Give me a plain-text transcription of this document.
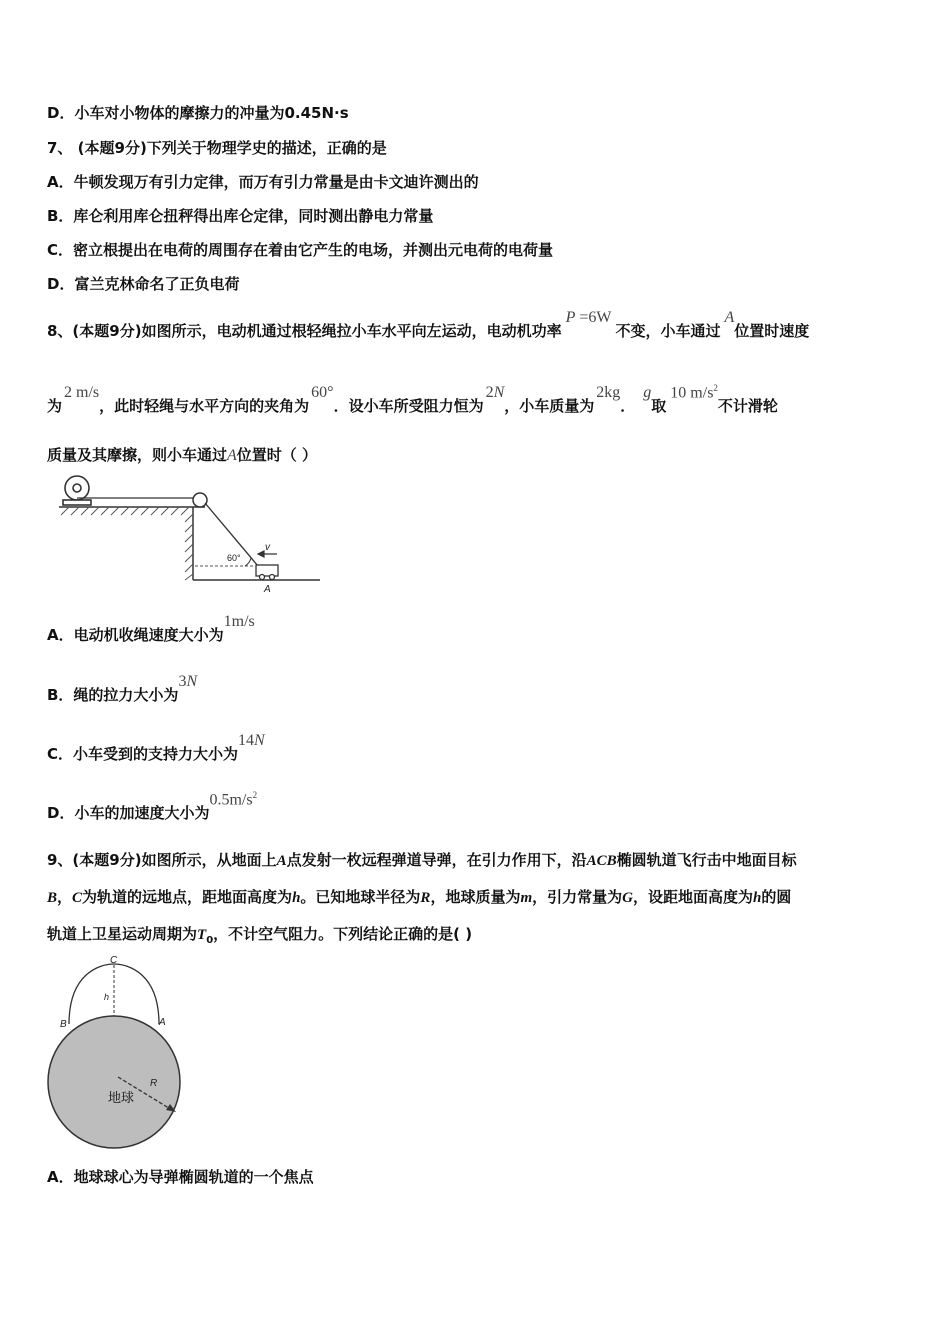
D．小车对小物体的摩擦力的冲量为0.45N·s
7、 (本题9分)下列关于物理学史的描述，正确的是
A．牛顿发现万有引力定律，而万有引力常量是由卡文迪许测出的
B．库仑利用库仑扭秤得出库仑定律，同时测出静电力常量
C．密立根提出在电荷的周围存在着由它产生的电场，并测出元电荷的电荷量
D．富兰克林命名了正负电荷
8、(本题9分)如图所示，电动机通过根轻绳拉小车水平向左运动，电动机功率P =6W不变，小车通过A位置时速度
为2 m/s，此时轻绳与水平方向的夹角为60°．设小车所受阻力恒为2N，小车质量为2kg．g取10 $m/s^2$不计滑轮
质量及其摩擦，则小车通过A位置时（ ）
60°
v
A
A．电动机收绳速度大小为1m/s
B．绳的拉力大小为3N
C．小车受到的支持力大小为14N
D．小车的加速度大小为$0.5m/s^2$
9、(本题9分)如图所示，从地面上A点发射一枚远程弹道导弹，在引力作用下，沿ACB椭圆轨道飞行击中地面目标
B，C为轨道的远地点，距地面高度为h。已知地球半径为R，地球质量为m，引力常量为G，设距地面高度为h的圆
轨道上卫星运动周期为$T_0$，不计空气阻力。下列结论正确的是( )
C
h
B	A
R
地球
A．地球球心为导弹椭圆轨道的一个焦点
